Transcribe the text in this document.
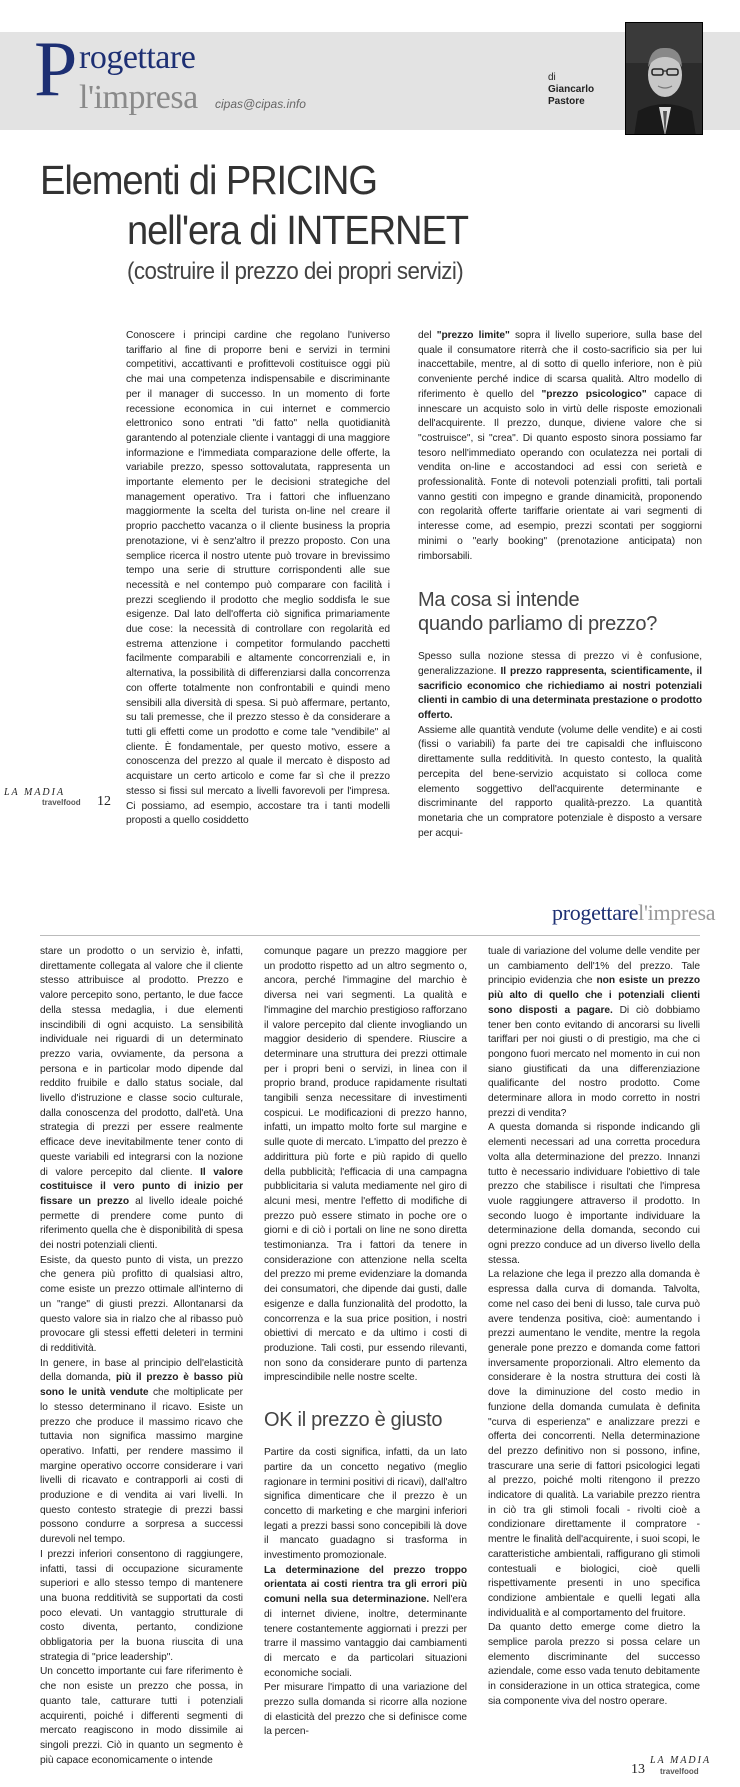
P rogettare
l'impresa cipas@cipas.info
di
Giancarlo
Pastore
Elementi di PRICING
nell'era di INTERNET
(costruire il prezzo dei propri servizi)

Conoscere i principi cardine che regolano l'universo tariffario al fine di proporre beni e servizi in termini competitivi, accattivanti e profittevoli costituisce oggi più che mai una competenza indispensabile e discriminante per il manager di successo. In un momento di forte recessione economica in cui internet e commercio elettronico sono entrati "di fatto" nella quotidianità garantendo al potenziale cliente i vantaggi di una maggiore informazione e l'immediata comparazione delle offerte, la variabile prezzo, spesso sottovalutata, rappresenta un importante elemento per le decisioni strategiche del management operativo. Tra i fattori che influenzano maggiormente la scelta del turista on-line nel creare il proprio pacchetto vacanza o il cliente business la propria prenotazione, vi è senz'altro il prezzo proposto. Con una semplice ricerca il nostro utente può trovare in brevissimo tempo una serie di strutture corrispondenti alle sue necessità e nel contempo può comparare con facilità i prezzi scegliendo il prodotto che meglio soddisfa le sue esigenze. Dal lato dell'offerta ciò significa primariamente due cose: la necessità di controllare con regolarità ed estrema attenzione i competitor formulando pacchetti facilmente comparabili e altamente concorrenziali e, in alternativa, la possibilità di differenziarsi dalla concorrenza con offerte totalmente non confrontabili e quindi meno sensibili alla diversità di spesa. Si può affermare, pertanto, su tali premesse, che il prezzo stesso è da considerare a tutti gli effetti come un prodotto e come tale "vendibile" al cliente. È fondamentale, per questo motivo, essere a conoscenza del prezzo al quale il mercato è disposto ad acquistare un certo articolo e come far sì che il prezzo stesso si fissi sul mercato a livelli favorevoli per l'impresa. Ci possiamo, ad esempio, accostare tra i tanti modelli proposti a quello cosiddetto

del "prezzo limite" sopra il livello superiore, sulla base del quale il consumatore riterrà che il costo-sacrificio sia per lui inaccettabile, mentre, al di sotto di quello inferiore, non è più conveniente perché indice di scarsa qualità. Altro modello di riferimento è quello del "prezzo psicologico" capace di innescare un acquisto solo in virtù delle risposte emozionali dell'acquirente. Il prezzo, dunque, diviene valore che si "costruisce", si "crea". Di quanto esposto sinora possiamo far tesoro nell'immediato operando con oculatezza nei portali di vendita on-line e accostandoci ad essi con serietà e professionalità. Fonte di notevoli potenziali profitti, tali portali vanno gestiti con impegno e grande dinamicità, proponendo con regolarità offerte tariffarie orientate ai vari segmenti di interesse come, ad esempio, prezzi scontati per soggiorni minimi o "early booking" (prenotazione anticipata) non rimborsabili.

Ma cosa si intende
quando parliamo di prezzo?

Spesso sulla nozione stessa di prezzo vi è confusione, generalizzazione. Il prezzo rappresenta, scientificamente, il sacrificio economico che richiediamo ai nostri potenziali clienti in cambio di una determinata prestazione o prodotto offerto.

Assieme alle quantità vendute (volume delle vendite) e ai costi (fissi o variabili) fa parte dei tre capisaldi che influiscono direttamente sulla redditività. In questo contesto, la qualità percepita del bene-servizio acquistato si colloca come elemento soggettivo dell'acquirente determinante e discriminante del rapporto qualità-prezzo. La quantità monetaria che un compratore potenziale è disposto a versare per acqui-

LA MADIA
travelfood 12
progettarel'impresa

stare un prodotto o un servizio è, infatti, direttamente collegata al valore che il cliente stesso attribuisce al prodotto. Prezzo e valore percepito sono, pertanto, le due facce della stessa medaglia, i due elementi inscindibili di ogni acquisto. La sensibilità individuale nei riguardi di un determinato prezzo varia, ovviamente, da persona a persona e in particolar modo dipende dal reddito fruibile e dallo status sociale, dal livello d'istruzione e classe socio culturale, dalla conoscenza del prodotto, dall'età. Una strategia di prezzi per essere realmente efficace deve inevitabilmente tener conto di queste variabili ed integrarsi con la nozione di valore percepito dal cliente. Il valore costituisce il vero punto di inizio per fissare un prezzo al livello ideale poiché permette di prendere come punto di riferimento quella che è disponibilità di spesa dei nostri potenziali clienti.

Esiste, da questo punto di vista, un prezzo che genera più profitto di qualsiasi altro, come esiste un prezzo ottimale all'interno di un "range" di giusti prezzi. Allontanarsi da questo valore sia in rialzo che al ribasso può provocare gli stessi effetti deleteri in termini di redditività.

In genere, in base al principio dell'elasticità della domanda, più il prezzo è basso più sono le unità vendute che moltiplicate per lo stesso determinano il ricavo. Esiste un prezzo che produce il massimo ricavo che tuttavia non significa massimo margine operativo. Infatti, per rendere massimo il margine operativo occorre considerare i vari livelli di ricavato e contrapporli ai costi di produzione e di vendita ai vari livelli. In questo contesto strategie di prezzi bassi possono condurre a sorpresa a successi durevoli nel tempo.

I prezzi inferiori consentono di raggiungere, infatti, tassi di occupazione sicuramente superiori e allo stesso tempo di mantenere una buona redditività se supportati da costi poco elevati. Un vantaggio strutturale di costo diventa, pertanto, condizione obbligatoria per la buona riuscita di una strategia di "price leadership".

Un concetto importante cui fare riferimento è che non esiste un prezzo che possa, in quanto tale, catturare tutti i potenziali acquirenti, poiché i differenti segmenti di mercato reagiscono in modo dissimile ai singoli prezzi. Ciò in quanto un segmento è più capace economicamente o intende

comunque pagare un prezzo maggiore per un prodotto rispetto ad un altro segmento o, ancora, perché l'immagine del marchio è diversa nei vari segmenti. La qualità e l'immagine del marchio prestigioso rafforzano il valore percepito dal cliente invogliando un maggior desiderio di spendere. Riuscire a determinare una struttura dei prezzi ottimale per i propri beni o servizi, in linea con il proprio brand, produce rapidamente risultati tangibili senza necessitare di investimenti cospicui. Le modificazioni di prezzo hanno, infatti, un impatto molto forte sul margine e sulle quote di mercato. L'impatto del prezzo è addirittura più forte e più rapido di quello della pubblicità; l'efficacia di una campagna pubblicitaria si valuta mediamente nel giro di alcuni mesi, mentre l'effetto di modifiche di prezzo può essere stimato in poche ore o giorni e di ciò i portali on line ne sono diretta testimonianza. Tra i fattori da tenere in considerazione con attenzione nella scelta del prezzo mi preme evidenziare la domanda dei consumatori, che dipende dai gusti, dalle esigenze e dalla funzionalità del prodotto, la concorrenza e la sua price position, i nostri obiettivi di mercato e da ultimo i costi di produzione. Tali costi, pur essendo rilevanti, non sono da considerare punto di partenza imprescindibile nelle nostre scelte.

OK il prezzo è giusto

Partire da costi significa, infatti, da un lato partire da un concetto negativo (meglio ragionare in termini positivi di ricavi), dall'altro significa dimenticare che il prezzo è un concetto di marketing e che margini inferiori legati a prezzi bassi sono concepibili là dove il mancato guadagno si trasforma in investimento promozionale.

La determinazione del prezzo troppo orientata ai costi rientra tra gli errori più comuni nella sua determinazione. Nell'era di internet diviene, inoltre, determinante tenere costantemente aggiornati i prezzi per trarre il massimo vantaggio dai cambiamenti di mercato e da particolari situazioni economiche sociali.

Per misurare l'impatto di una variazione del prezzo sulla domanda si ricorre alla nozione di elasticità del prezzo che si definisce come la percen-

tuale di variazione del volume delle vendite per un cambiamento dell'1% del prezzo. Tale principio evidenzia che non esiste un prezzo più alto di quello che i potenziali clienti sono disposti a pagare. Di ciò dobbiamo tener ben conto evitando di ancorarsi su livelli tariffari per noi giusti o di prestigio, ma che ci pongono fuori mercato nel momento in cui non siano giustificati da una differenziazione qualificante del nostro prodotto. Come determinare allora in modo corretto in nostri prezzi di vendita?

A questa domanda si risponde indicando gli elementi necessari ad una corretta procedura volta alla determinazione del prezzo. Innanzi tutto è necessario individuare l'obiettivo di tale prezzo che stabilisce i risultati che l'impresa vuole raggiungere attraverso il prodotto. In secondo luogo è importante individuare la determinazione della domanda, secondo cui ogni prezzo conduce ad un diverso livello della stessa.

La relazione che lega il prezzo alla domanda è espressa dalla curva di domanda. Talvolta, come nel caso dei beni di lusso, tale curva può avere tendenza positiva, cioè: aumentando i prezzi aumentano le vendite, mentre la regola generale pone prezzo e domanda come fattori inversamente proporzionali. Altro elemento da considerare è la nostra struttura dei costi là dove la diminuzione del costo medio in funzione della domanda cumulata è definita "curva di esperienza" e analizzare prezzi e offerta dei concorrenti. Nella determinazione del prezzo definitivo non si possono, infine, trascurare una serie di fattori psicologici legati al prezzo, poiché molti ritengono il prezzo indicatore di qualità. La variabile prezzo rientra in ciò tra gli stimoli focali - rivolti cioè a condizionare direttamente il compratore - mentre le finalità dell'acquirente, i suoi scopi, le caratteristiche ambientali, raffigurano gli stimoli contestuali e biologici, cioè quelli rispettivamente presenti in uno specifica condizione ambientale e quelli legati alla individualità e al comportamento del fruitore.

Da quanto detto emerge come dietro la semplice parola prezzo si possa celare un elemento discriminante del successo aziendale, come esso vada tenuto debitamente in considerazione in un ottica strategica, come sia componente viva del nostro operare.

13
LA MADIA
travelfood
